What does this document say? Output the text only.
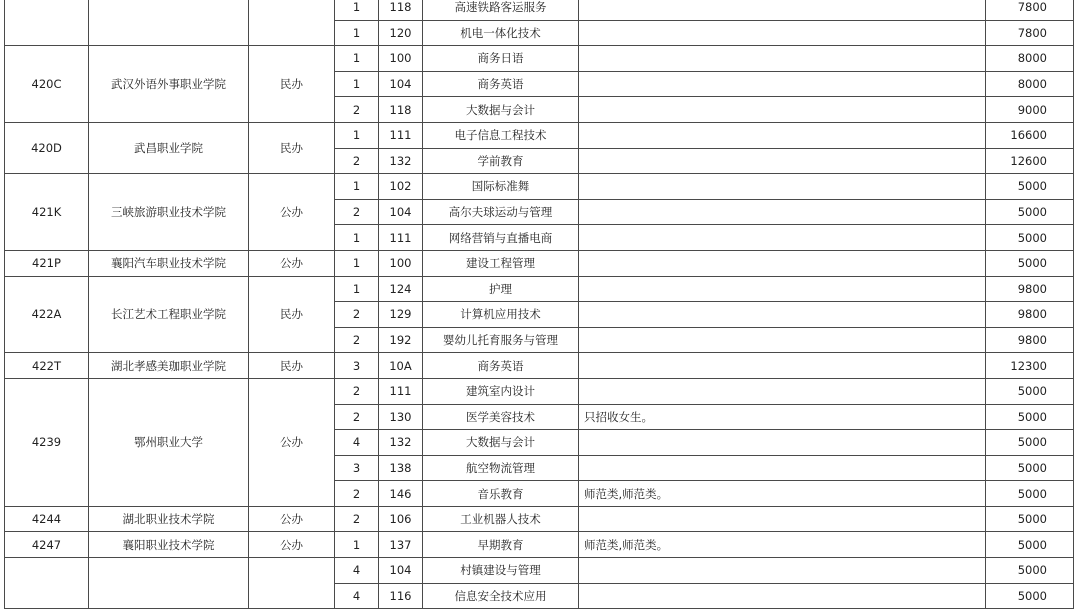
			1	118	高速铁路客运服务		7800
			1	120	机电一体化技术		7800
420C	武汉外语外事职业学院	民办	1	100	商务日语		8000
			1	104	商务英语		8000
			2	118	大数据与会计		9000
420D	武昌职业学院	民办	1	111	电子信息工程技术		16600
			2	132	学前教育		12600
421K	三峡旅游职业技术学院	公办	1	102	国际标准舞		5000
			2	104	高尔夫球运动与管理		5000
			1	111	网络营销与直播电商		5000
421P	襄阳汽车职业技术学院	公办	1	100	建设工程管理		5000
422A	长江艺术工程职业学院	民办	1	124	护理		9800
			2	129	计算机应用技术		9800
			2	192	婴幼儿托育服务与管理		9800
422T	湖北孝感美珈职业学院	民办	3	10A	商务英语		12300
4239	鄂州职业大学	公办	2	111	建筑室内设计		5000
			2	130	医学美容技术	只招收女生。	5000
			4	132	大数据与会计		5000
			3	138	航空物流管理		5000
			2	146	音乐教育	师范类,师范类。	5000
4244	湖北职业技术学院	公办	2	106	工业机器人技术		5000
4247	襄阳职业技术学院	公办	1	137	早期教育	师范类,师范类。	5000
			4	104	村镇建设与管理		5000
			4	116	信息安全技术应用		5000
